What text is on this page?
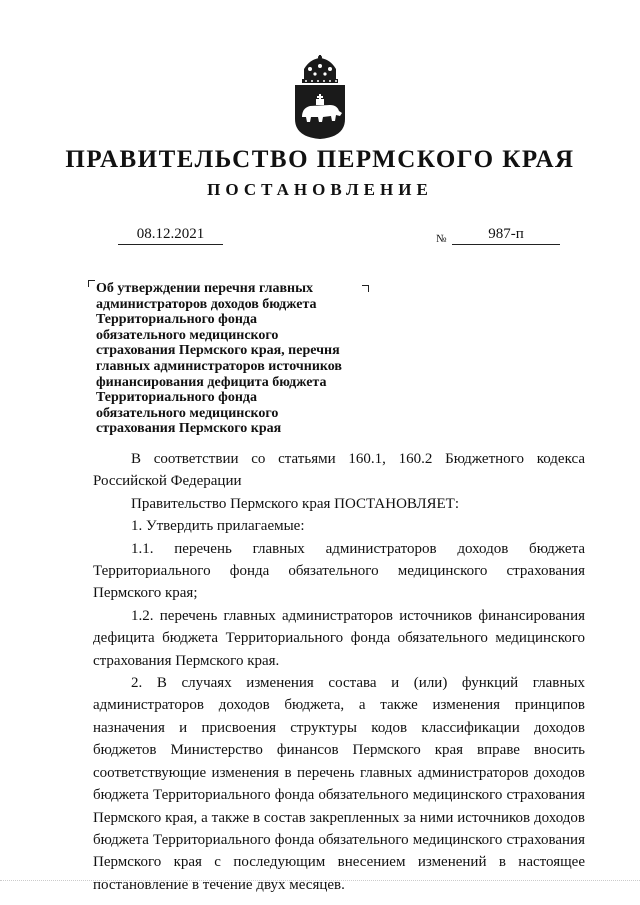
ПРАВИТЕЛЬСТВО ПЕРМСКОГО КРАЯ
ПОСТАНОВЛЕНИЕ
08.12.2021	№	987-п
Об утверждении перечня главных
администраторов доходов бюджета
Территориального фонда
обязательного медицинского
страхования Пермского края, перечня
главных администраторов источников
финансирования дефицита бюджета
Территориального фонда
обязательного медицинского
страхования Пермского края

В соответствии со статьями 160.1, 160.2 Бюджетного кодекса Российской Федерации

Правительство Пермского края ПОСТАНОВЛЯЕТ:

1. Утвердить прилагаемые:

1.1. перечень главных администраторов доходов бюджета Территориального фонда обязательного медицинского страхования Пермского края;

1.2. перечень главных администраторов источников финансирования дефицита бюджета Территориального фонда обязательного медицинского страхования Пермского края.

2. В случаях изменения состава и (или) функций главных администраторов доходов бюджета, а также изменения принципов назначения и присвоения структуры кодов классификации доходов бюджетов Министерство финансов Пермского края вправе вносить соответствующие изменения в перечень главных администраторов доходов бюджета Территориального фонда обязательного медицинского страхования Пермского края, а также в состав закрепленных за ними источников доходов бюджета Территориального фонда обязательного медицинского страхования Пермского края с последующим внесением изменений в настоящее постановление в течение двух месяцев.
